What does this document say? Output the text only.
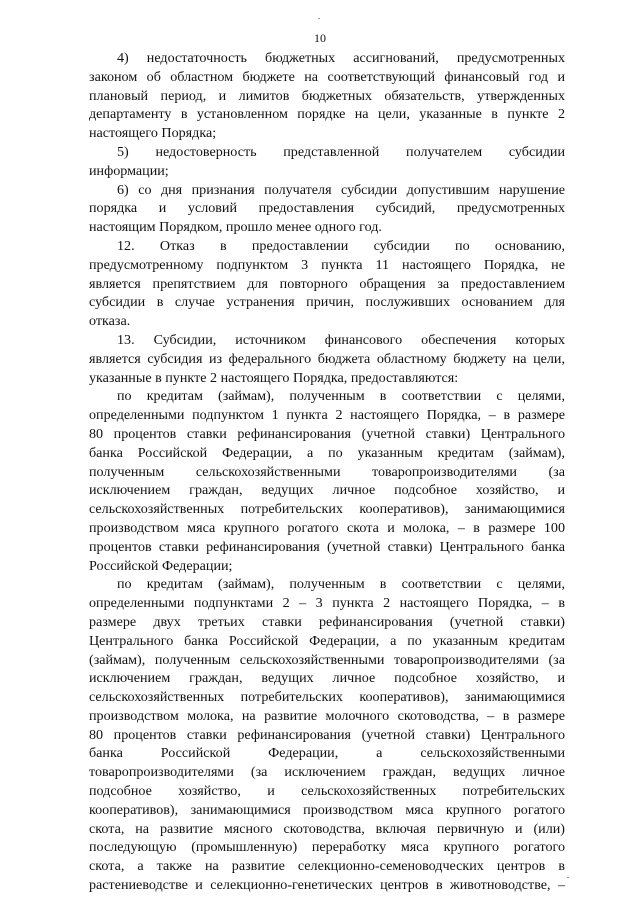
10
4) недостаточность бюджетных ассигнований, предусмотренных
законом об областном бюджете на соответствующий финансовый год и
плановый период, и лимитов бюджетных обязательств, утвержденных
департаменту в установленном порядке на цели, указанные в пункте 2
настоящего Порядка;
5) недостоверность представленной получателем субсидии
информации;
6) со дня признания получателя субсидии допустившим нарушение
порядка и условий предоставления субсидий, предусмотренных
настоящим Порядком, прошло менее одного год.
12. Отказ в предоставлении субсидии по основанию,
предусмотренному подпунктом 3 пункта 11 настоящего Порядка, не
является препятствием для повторного обращения за предоставлением
субсидии в случае устранения причин, послуживших основанием для
отказа.
13. Субсидии, источником финансового обеспечения которых
является субсидия из федерального бюджета областному бюджету на цели,
указанные в пункте 2 настоящего Порядка, предоставляются:
по кредитам (займам), полученным в соответствии с целями,
определенными подпунктом 1 пункта 2 настоящего Порядка, – в размере
80 процентов ставки рефинансирования (учетной ставки) Центрального
банка Российской Федерации, а по указанным кредитам (займам),
полученным сельскохозяйственными товаропроизводителями (за
исключением граждан, ведущих личное подсобное хозяйство, и
сельскохозяйственных потребительских кооперативов), занимающимися
производством мяса крупного рогатого скота и молока, – в размере 100
процентов ставки рефинансирования (учетной ставки) Центрального банка
Российской Федерации;
по кредитам (займам), полученным в соответствии с целями,
определенными подпунктами 2 – 3 пункта 2 настоящего Порядка, – в
размере двух третьих ставки рефинансирования (учетной ставки)
Центрального банка Российской Федерации, а по указанным кредитам
(займам), полученным сельскохозяйственными товаропроизводителями (за
исключением граждан, ведущих личное подсобное хозяйство, и
сельскохозяйственных потребительских кооперативов), занимающимися
производством молока, на развитие молочного скотоводства, – в размере
80 процентов ставки рефинансирования (учетной ставки) Центрального
банка Российской Федерации, а сельскохозяйственными
товаропроизводителями (за исключением граждан, ведущих личное
подсобное хозяйство, и сельскохозяйственных потребительских
кооперативов), занимающимися производством мяса крупного рогатого
скота, на развитие мясного скотоводства, включая первичную и (или)
последующую (промышленную) переработку мяса крупного рогатого
скота, а также на развитие селекционно-семеноводческих центров в
растениеводстве и селекционно-генетических центров в животноводстве, –
